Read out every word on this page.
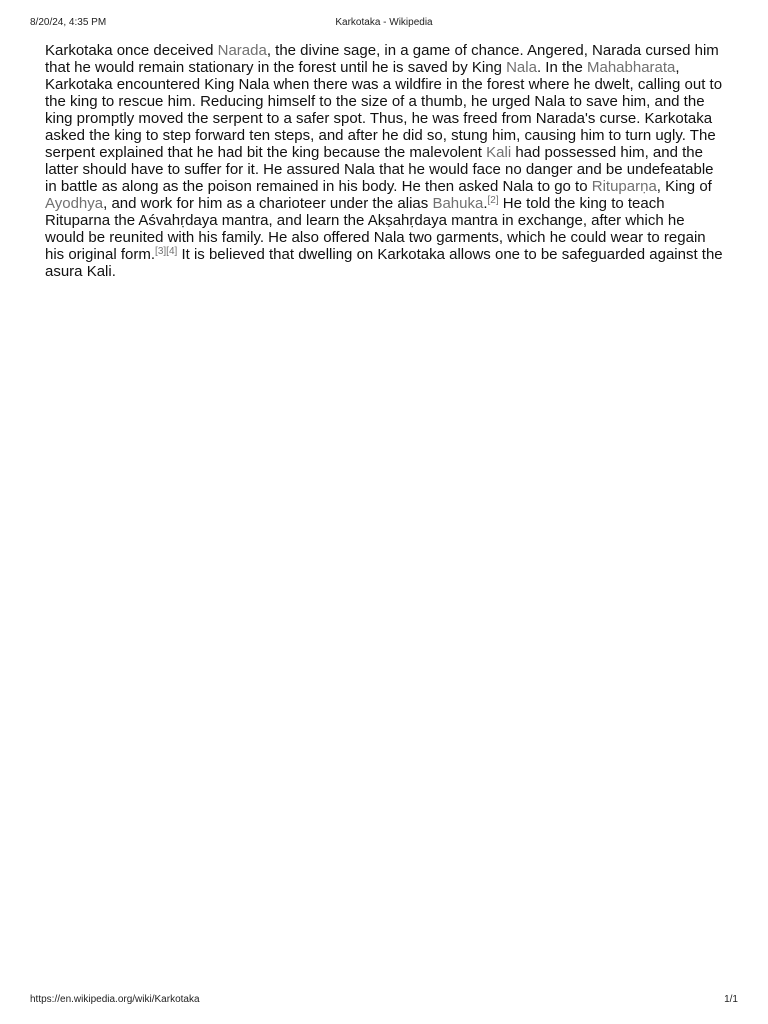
8/20/24, 4:35 PM	Karkotaka - Wikipedia

Karkotaka once deceived Narada, the divine sage, in a game of chance. Angered, Narada cursed him that he would remain stationary in the forest until he is saved by King Nala. In the Mahabharata, Karkotaka encountered King Nala when there was a wildfire in the forest where he dwelt, calling out to the king to rescue him. Reducing himself to the size of a thumb, he urged Nala to save him, and the king promptly moved the serpent to a safer spot. Thus, he was freed from Narada's curse. Karkotaka asked the king to step forward ten steps, and after he did so, stung him, causing him to turn ugly. The serpent explained that he had bit the king because the malevolent Kali had possessed him, and the latter should have to suffer for it. He assured Nala that he would face no danger and be undefeatable in battle as along as the poison remained in his body. He then asked Nala to go to Rituparṇa, King of Ayodhya, and work for him as a charioteer under the alias Bahuka.[2] He told the king to teach Rituparna the Aśvahṛdaya mantra, and learn the Akṣahṛdaya mantra in exchange, after which he would be reunited with his family. He also offered Nala two garments, which he could wear to regain his original form.[3][4] It is believed that dwelling on Karkotaka allows one to be safeguarded against the asura Kali.

https://en.wikipedia.org/wiki/Karkotaka	1/1
